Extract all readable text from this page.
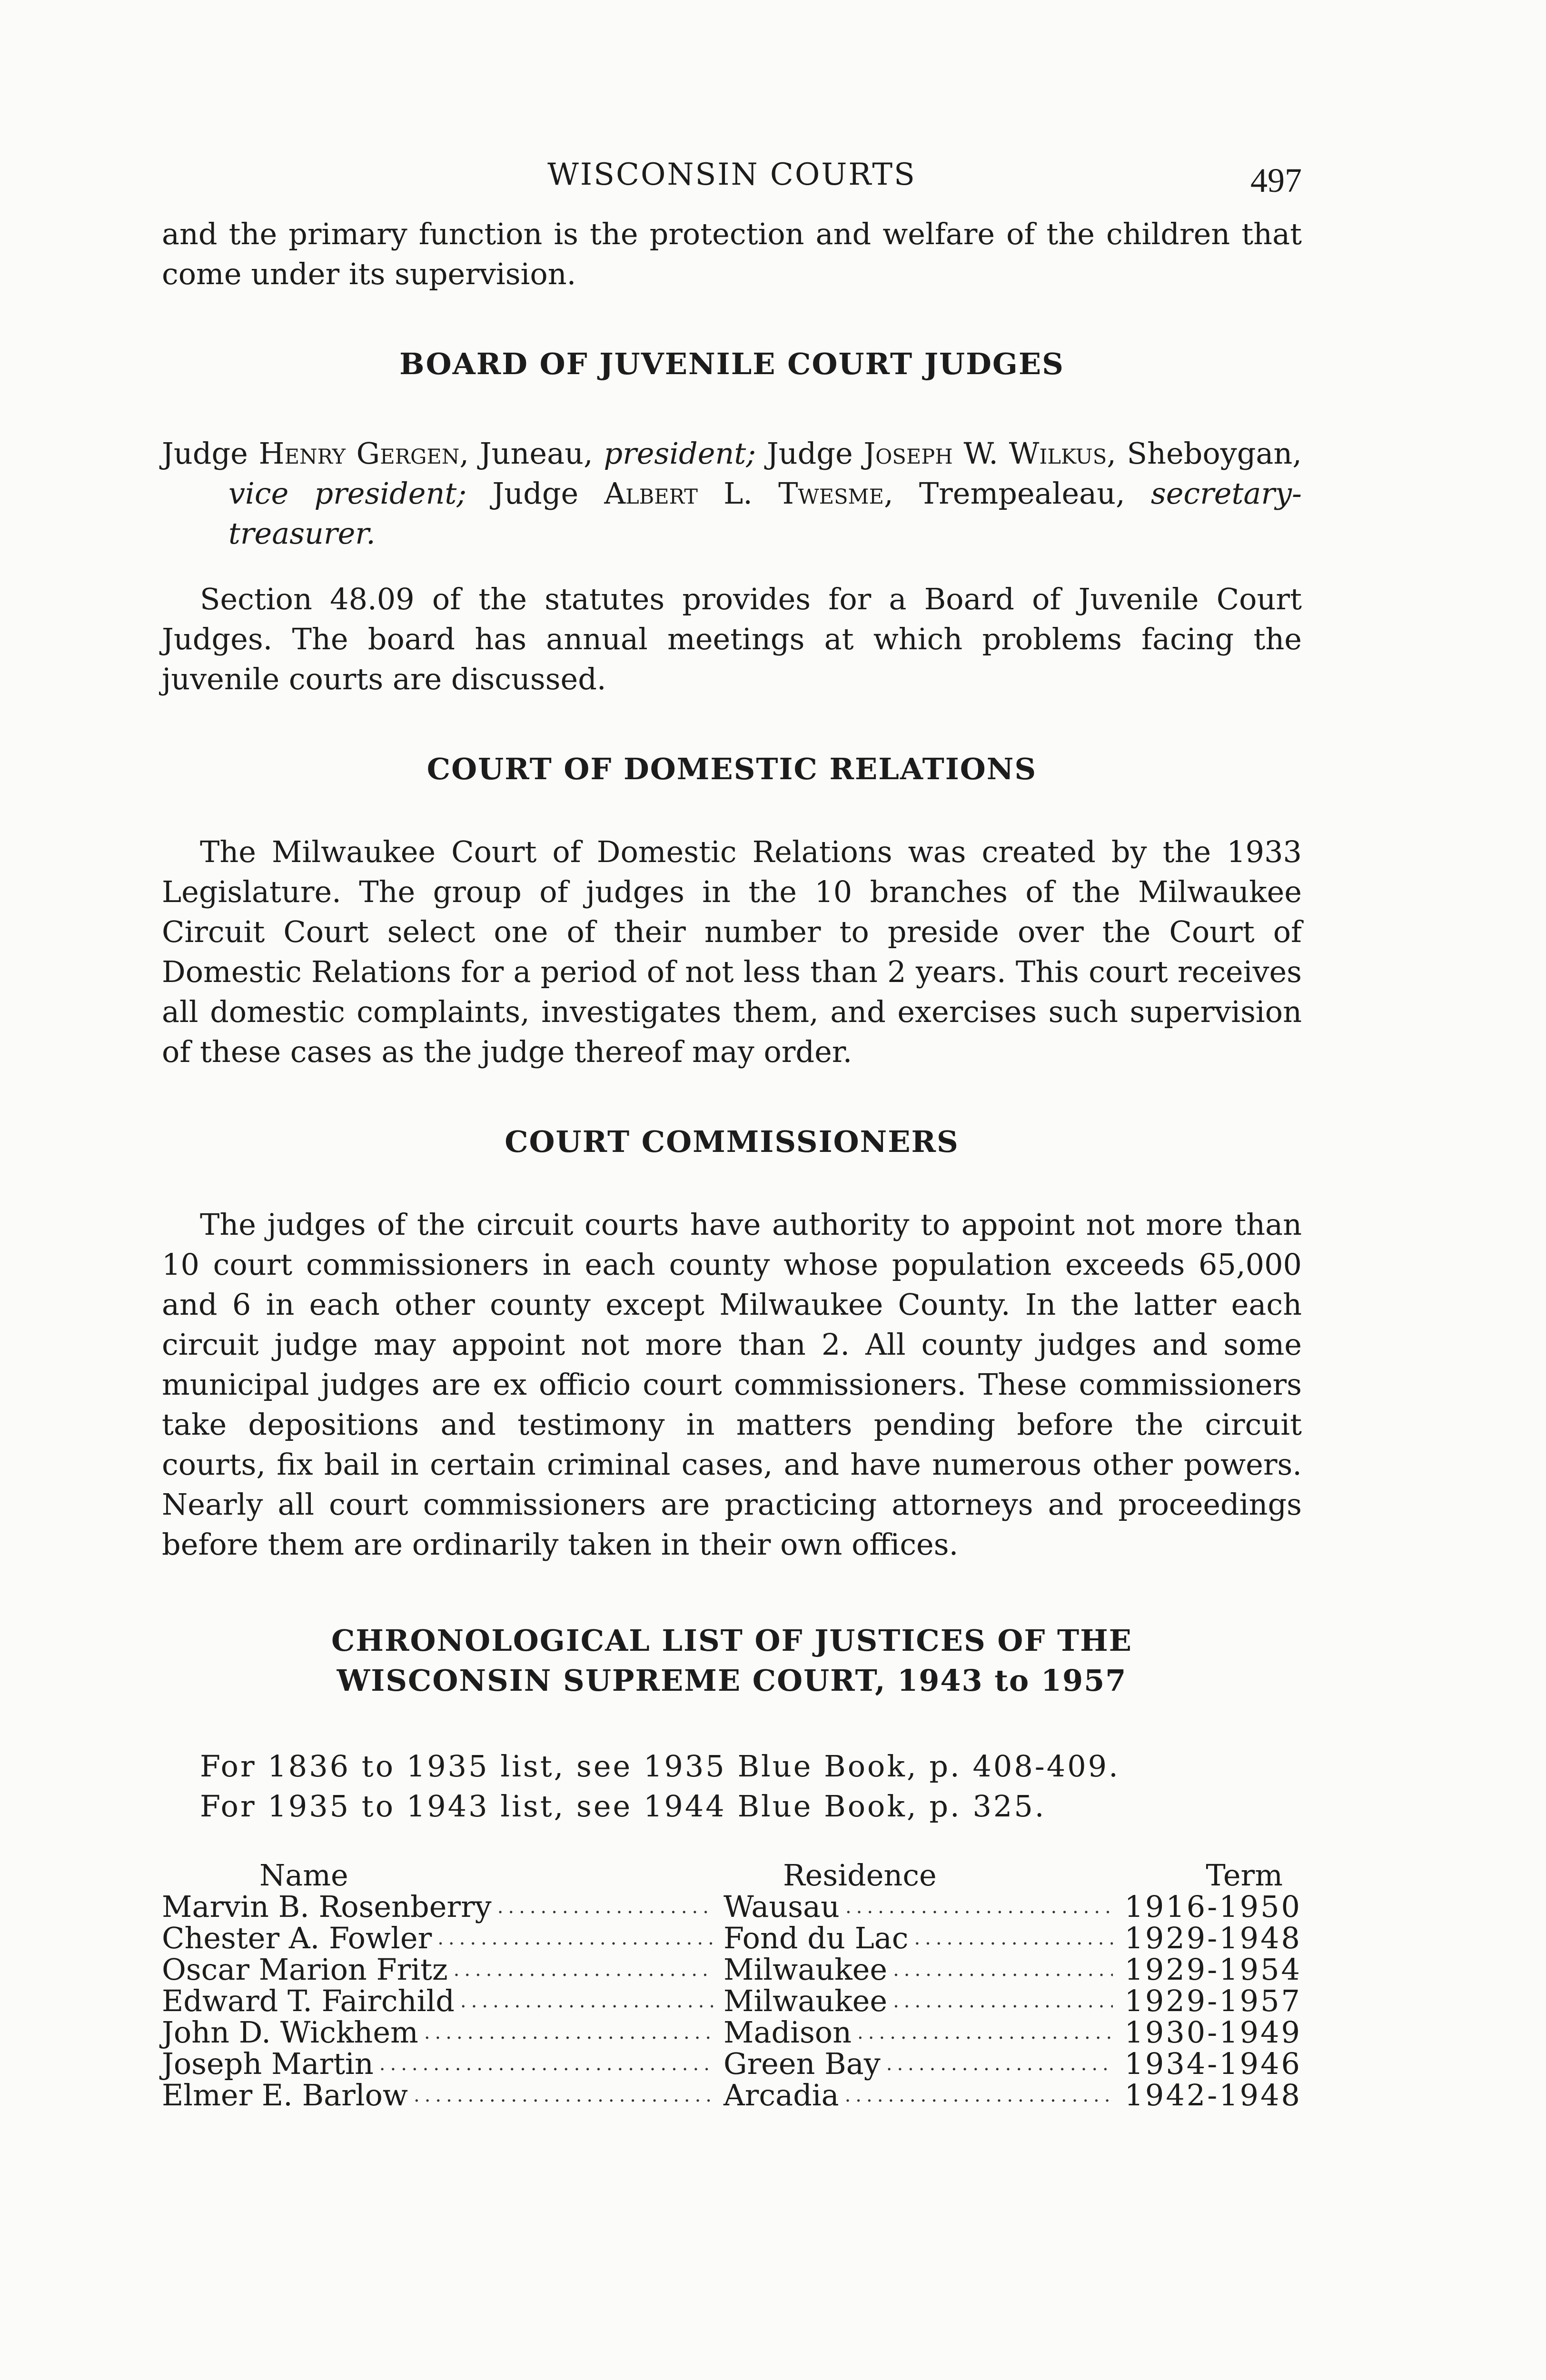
WISCONSIN COURTS	497

and the primary function is the protection and welfare of the children that come under its supervision.

BOARD OF JUVENILE COURT JUDGES

Judge Henry Gergen, Juneau, president; Judge Joseph W. Wilkus, Sheboygan, vice president; Judge Albert L. Twesme, Trempealeau, secretary-treasurer.

Section 48.09 of the statutes provides for a Board of Juvenile Court Judges. The board has annual meetings at which problems facing the juvenile courts are discussed.

COURT OF DOMESTIC RELATIONS

The Milwaukee Court of Domestic Relations was created by the 1933 Legislature. The group of judges in the 10 branches of the Milwaukee Circuit Court select one of their number to preside over the Court of Domestic Relations for a period of not less than 2 years. This court receives all domestic complaints, investigates them, and exercises such supervision of these cases as the judge thereof may order.

COURT COMMISSIONERS

The judges of the circuit courts have authority to appoint not more than 10 court commissioners in each county whose population exceeds 65,000 and 6 in each other county except Milwaukee County. In the latter each circuit judge may appoint not more than 2. All county judges and some municipal judges are ex officio court commissioners. These commissioners take depositions and testimony in matters pending before the circuit courts, fix bail in certain criminal cases, and have numerous other powers. Nearly all court commissioners are practicing attorneys and proceedings before them are ordinarily taken in their own offices.

CHRONOLOGICAL LIST OF JUSTICES OF THE
WISCONSIN SUPREME COURT, 1943 to 1957

For 1836 to 1935 list, see 1935 Blue Book, p. 408-409.

For 1935 to 1943 list, see 1944 Blue Book, p. 325.

Name	Residence	Term
Marvin B. Rosenberry .....	Wausau .....	1916-1950
Chester A. Fowler .....	Fond du Lac .....	1929-1948
Oscar Marion Fritz .....	Milwaukee .....	1929-1954
Edward T. Fairchild .....	Milwaukee .....	1929-1957
John D. Wickhem .....	Madison .....	1930-1949
Joseph Martin .....	Green Bay .....	1934-1946
Elmer E. Barlow .....	Arcadia .....	1942-1948
